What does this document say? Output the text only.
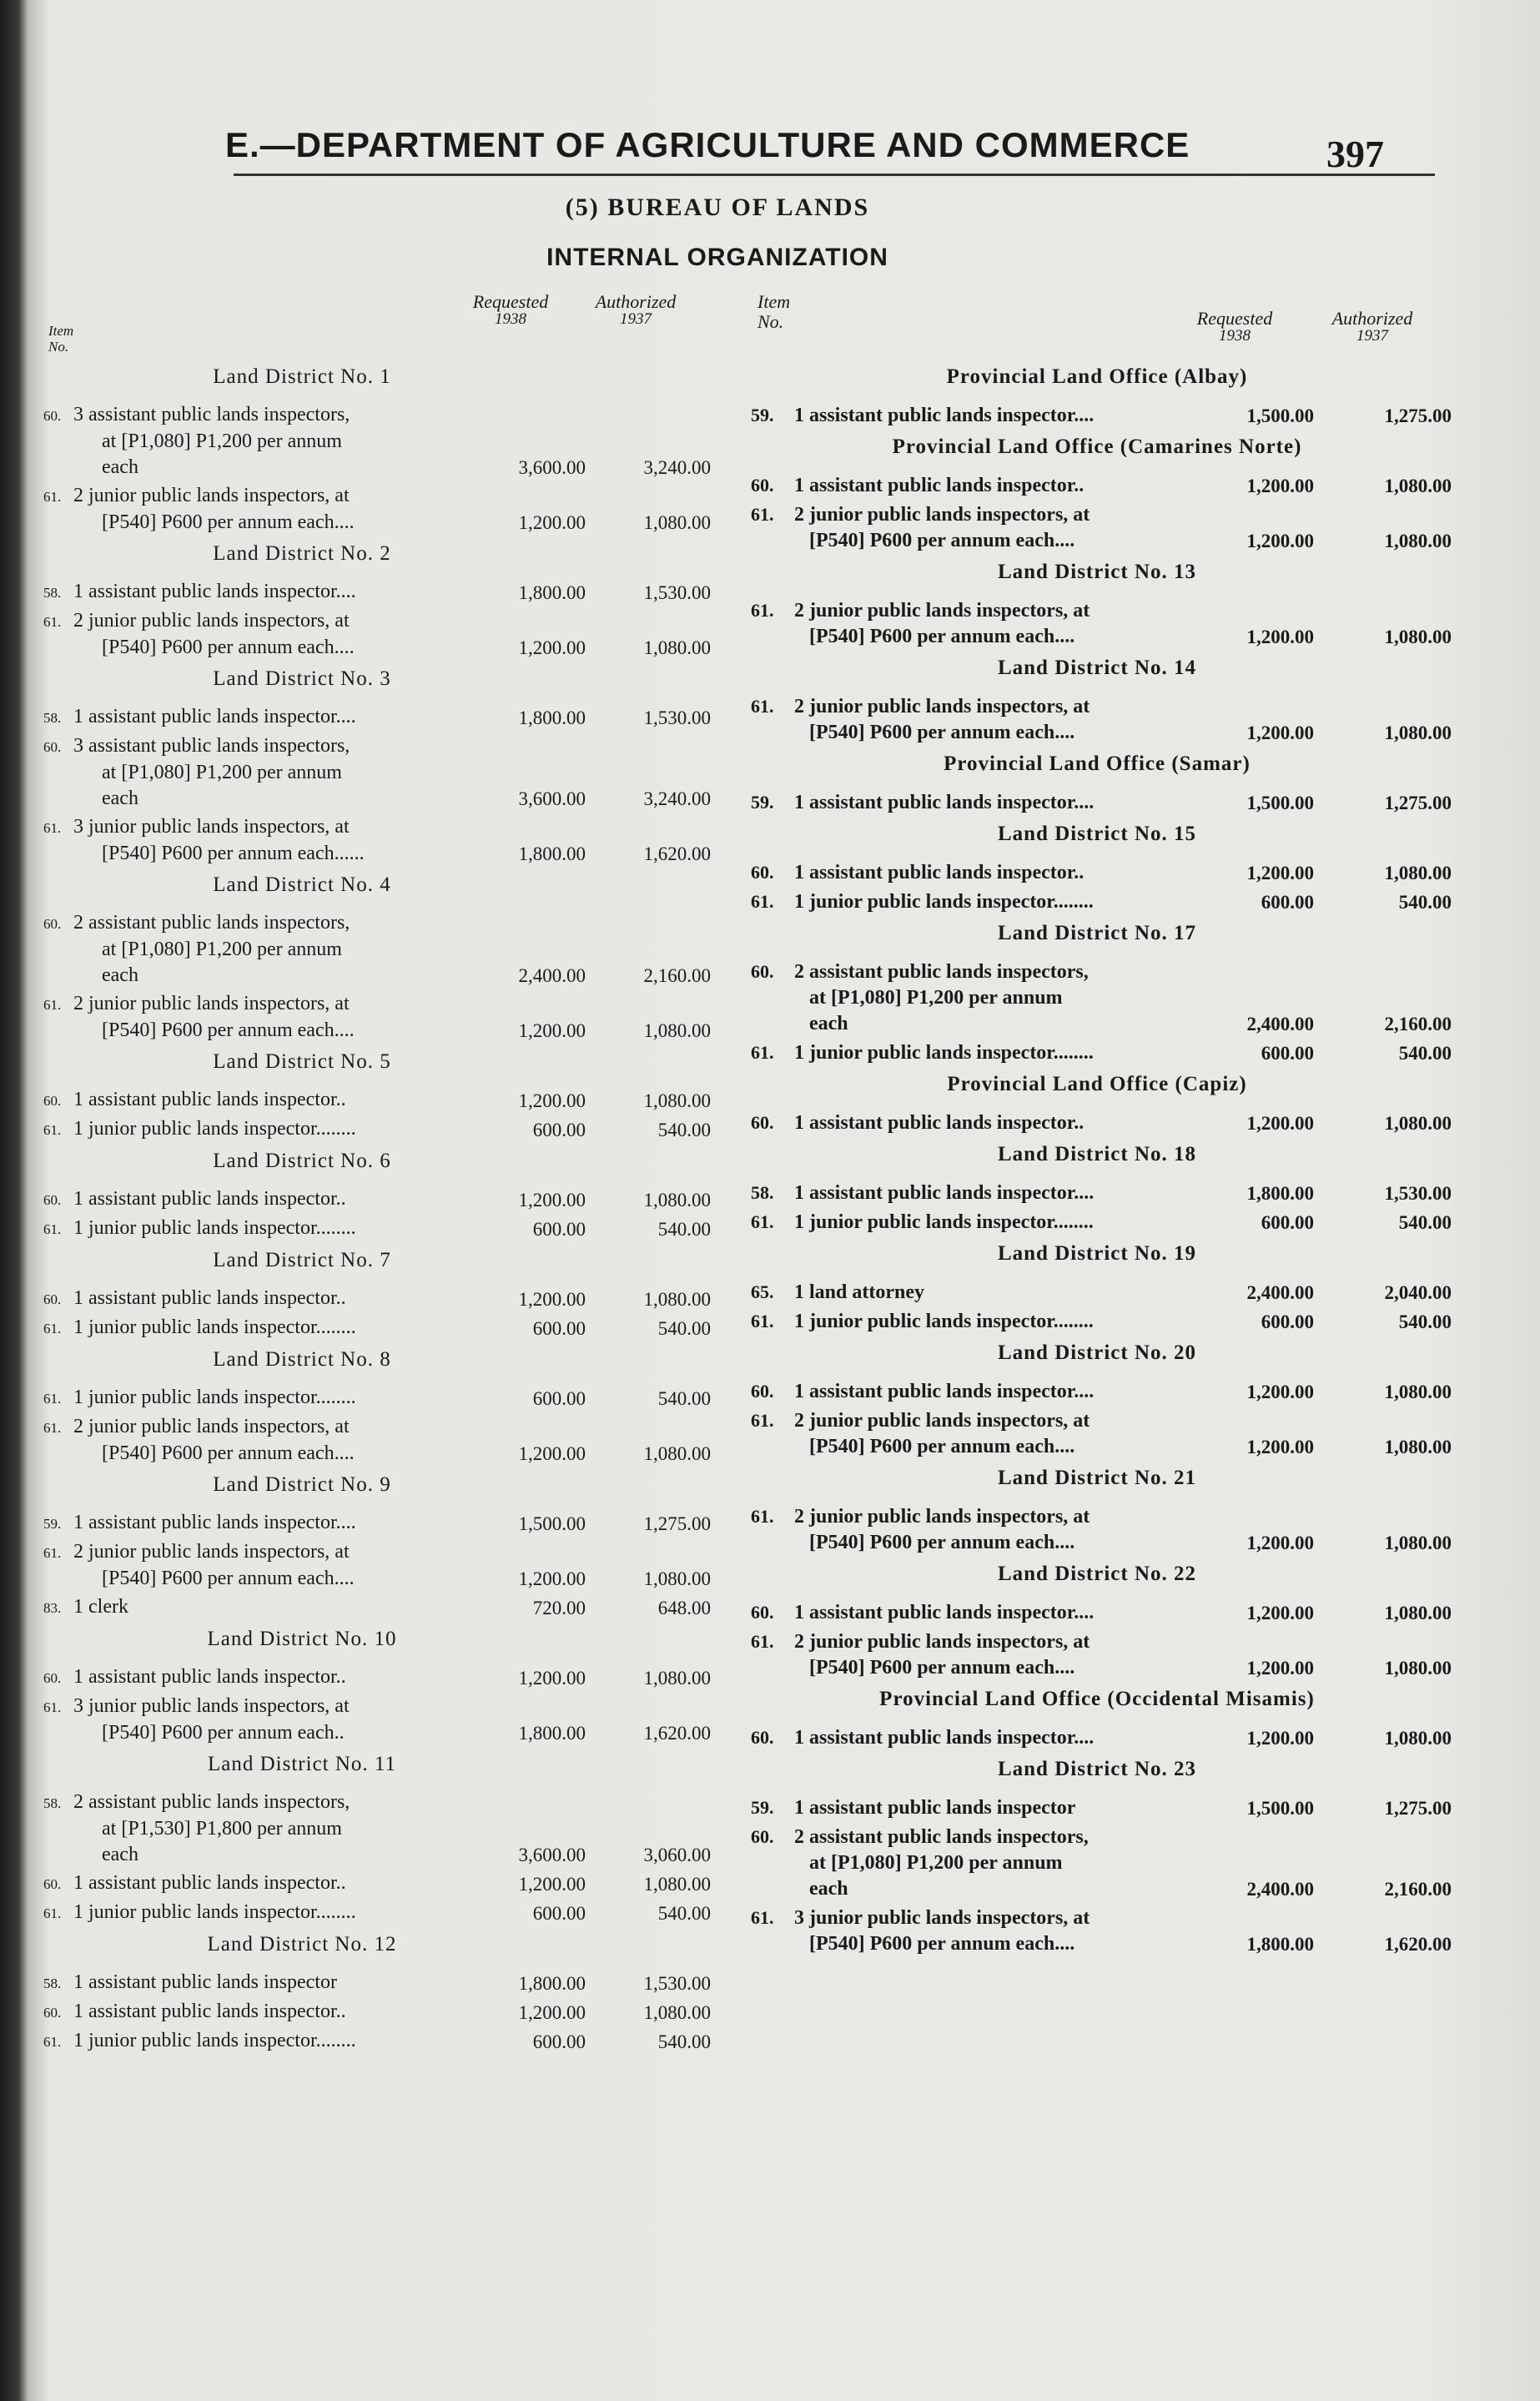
E.—DEPARTMENT OF AGRICULTURE AND COMMERCE	397
(5) BUREAU OF LANDS
INTERNAL ORGANIZATION
Item No.
Requested
1938
Authorized
1937
Land District No. 1
60. 3 assistant public lands inspectors,
at [P1,080] P1,200 per annum
each	3,600.00	3,240.00
61. 2 junior public lands inspectors, at
[P540] P600 per annum each....	1,200.00	1,080.00
Land District No. 2
58. 1 assistant public lands inspector....	1,800.00	1,530.00
61. 2 junior public lands inspectors, at
[P540] P600 per annum each....	1,200.00	1,080.00
Land District No. 3
58. 1 assistant public lands inspector....	1,800.00	1,530.00
60. 3 assistant public lands inspectors,
at [P1,080] P1,200 per annum
each	3,600.00	3,240.00
61. 3 junior public lands inspectors, at
[P540] P600 per annum each......	1,800.00	1,620.00
Land District No. 4
60. 2 assistant public lands inspectors,
at [P1,080] P1,200 per annum
each	2,400.00	2,160.00
61. 2 junior public lands inspectors, at
[P540] P600 per annum each....	1,200.00	1,080.00
Land District No. 5
60. 1 assistant public lands inspector..	1,200.00	1,080.00
61. 1 junior public lands inspector........	600.00	540.00
Land District No. 6
60. 1 assistant public lands inspector..	1,200.00	1,080.00
61. 1 junior public lands inspector........	600.00	540.00
Land District No. 7
60. 1 assistant public lands inspector..	1,200.00	1,080.00
61. 1 junior public lands inspector........	600.00	540.00
Land District No. 8
61. 1 junior public lands inspector........	600.00	540.00
61. 2 junior public lands inspectors, at
[P540] P600 per annum each....	1,200.00	1,080.00
Land District No. 9
59. 1 assistant public lands inspector....	1,500.00	1,275.00
61. 2 junior public lands inspectors, at
[P540] P600 per annum each....	1,200.00	1,080.00
83. 1 clerk	720.00	648.00
Land District No. 10
60. 1 assistant public lands inspector..	1,200.00	1,080.00
61. 3 junior public lands inspectors, at
[P540] P600 per annum each..	1,800.00	1,620.00
Land District No. 11
58. 2 assistant public lands inspectors,
at [P1,530] P1,800 per annum
each	3,600.00	3,060.00
60. 1 assistant public lands inspector..	1,200.00	1,080.00
61. 1 junior public lands inspector........	600.00	540.00
Land District No. 12
58. 1 assistant public lands inspector	1,800.00	1,530.00
60. 1 assistant public lands inspector..	1,200.00	1,080.00
61. 1 junior public lands inspector........	600.00	540.00
Item No.	Requested
1938
Authorized
1937
Provincial Land Office (Albay)
59. 1 assistant public lands inspector....	1,500.00	1,275.00
Provincial Land Office (Camarines Norte)
60. 1 assistant public lands inspector..	1,200.00	1,080.00
61. 2 junior public lands inspectors, at
[P540] P600 per annum each....	1,200.00	1,080.00
Land District No. 13
61. 2 junior public lands inspectors, at
[P540] P600 per annum each....	1,200.00	1,080.00
Land District No. 14
61. 2 junior public lands inspectors, at
[P540] P600 per annum each....	1,200.00	1,080.00
Provincial Land Office (Samar)
59. 1 assistant public lands inspector....	1,500.00	1,275.00
Land District No. 15
60. 1 assistant public lands inspector..	1,200.00	1,080.00
61. 1 junior public lands inspector........	600.00	540.00
Land District No. 17
60. 2 assistant public lands inspectors,
at [P1,080] P1,200 per annum
each	2,400.00	2,160.00
61. 1 junior public lands inspector........	600.00	540.00
Provincial Land Office (Capiz)
60. 1 assistant public lands inspector..	1,200.00	1,080.00
Land District No. 18
58. 1 assistant public lands inspector....	1,800.00	1,530.00
61. 1 junior public lands inspector........	600.00	540.00
Land District No. 19
65. 1 land attorney	2,400.00	2,040.00
61. 1 junior public lands inspector........	600.00	540.00
Land District No. 20
60. 1 assistant public lands inspector....	1,200.00	1,080.00
61. 2 junior public lands inspectors, at
[P540] P600 per annum each....	1,200.00	1,080.00
Land District No. 21
61. 2 junior public lands inspectors, at
[P540] P600 per annum each....	1,200.00	1,080.00
Land District No. 22
60. 1 assistant public lands inspector....	1,200.00	1,080.00
61. 2 junior public lands inspectors, at
[P540] P600 per annum each....	1,200.00	1,080.00
Provincial Land Office (Occidental Misamis)
60. 1 assistant public lands inspector....	1,200.00	1,080.00
Land District No. 23
59. 1 assistant public lands inspector	1,500.00	1,275.00
60. 2 assistant public lands inspectors,
at [P1,080] P1,200 per annum
each	2,400.00	2,160.00
61. 3 junior public lands inspectors, at
[P540] P600 per annum each....	1,800.00	1,620.00
